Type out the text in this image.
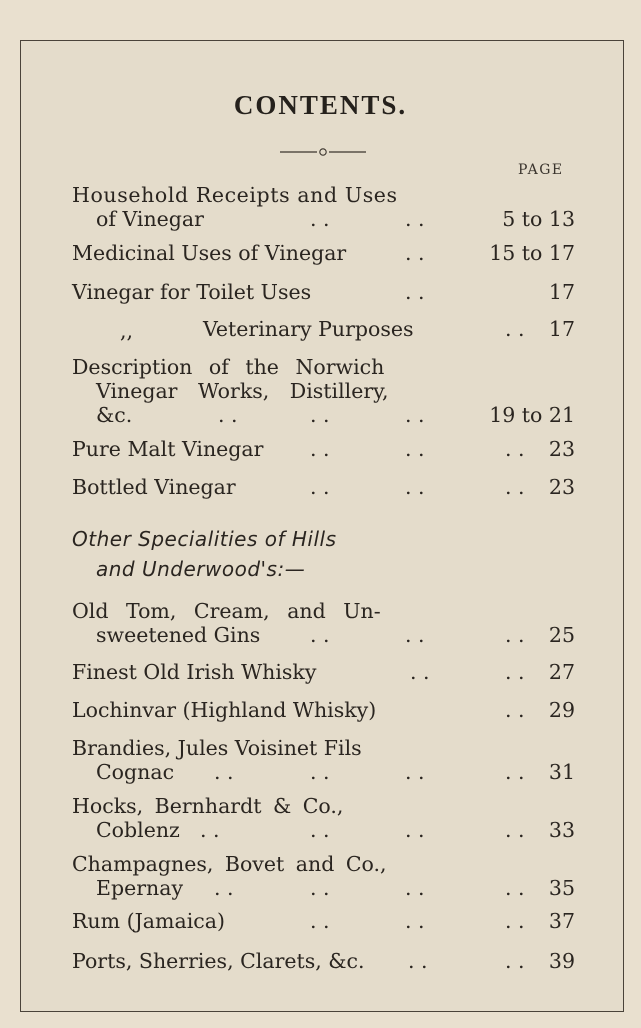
CONTENTS.
PAGE
Household Receipts and Uses
of Vinegar	. .	. .	5 to 13
Medicinal Uses of Vinegar	. .	15 to 17
Vinegar for Toilet Uses	. .	17
,,	Veterinary Purposes	. . 17
Description of the Norwich
Vinegar Works, Distillery,
&c.	. .	. .	. .	19 to 21
Pure Malt Vinegar . .	. .	. . 23
Bottled Vinegar	. .	. .	. . 23
Other Specialities of Hills
and Underwood's:—
Old Tom, Cream, and Un-
sweetened Gins . .	. .	. . 25
Finest Old Irish Whisky	. .	. . 27
Lochinvar (Highland Whisky)	. . 29
Brandies, Jules Voisinet Fils
Cognac . .	. .	. .	. . 31
Hocks, Bernhardt & Co.,
Coblenz . .	. .	. .	. . 33
Champagnes, Bovet and Co.,
Epernay . .	. .	. .	. . 35
Rum (Jamaica)	. .	. .	. . 37
Ports, Sherries, Clarets, &c. . .	. . 39
